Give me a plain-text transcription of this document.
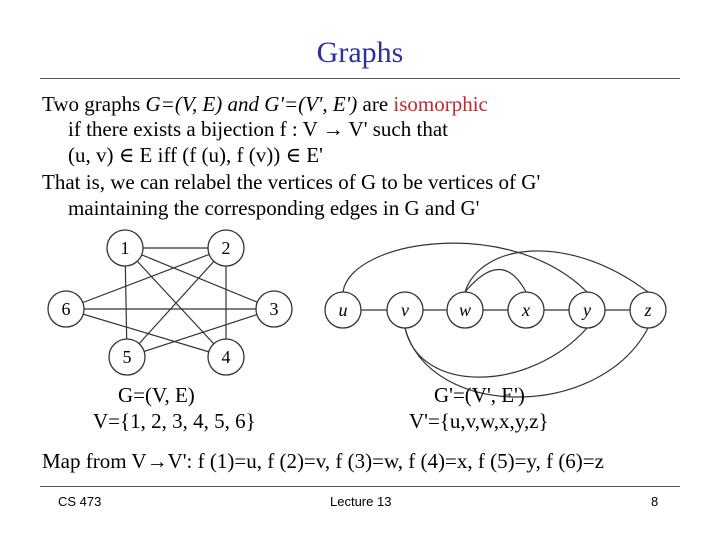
Graphs
Two graphs G=(V, E) and G'=(V', E') are isomorphic
if there exists a bijection f : V → V' such that
(u, v) ∈ E iff (f (u), f (v)) ∈ E'
That is, we can relabel the vertices of G to be vertices of G'
maintaining the corresponding edges in G and G'
1	2
3
4
5
6	u	v	w	x	y	z
G=(V, E)
V={1, 2, 3, 4, 5, 6}
G'=(V', E')
V'={u,v,w,x,y,z}
Map from V→V': f (1)=u, f (2)=v, f (3)=w, f (4)=x, f (5)=y, f (6)=z
CS 473	Lecture 13	8
